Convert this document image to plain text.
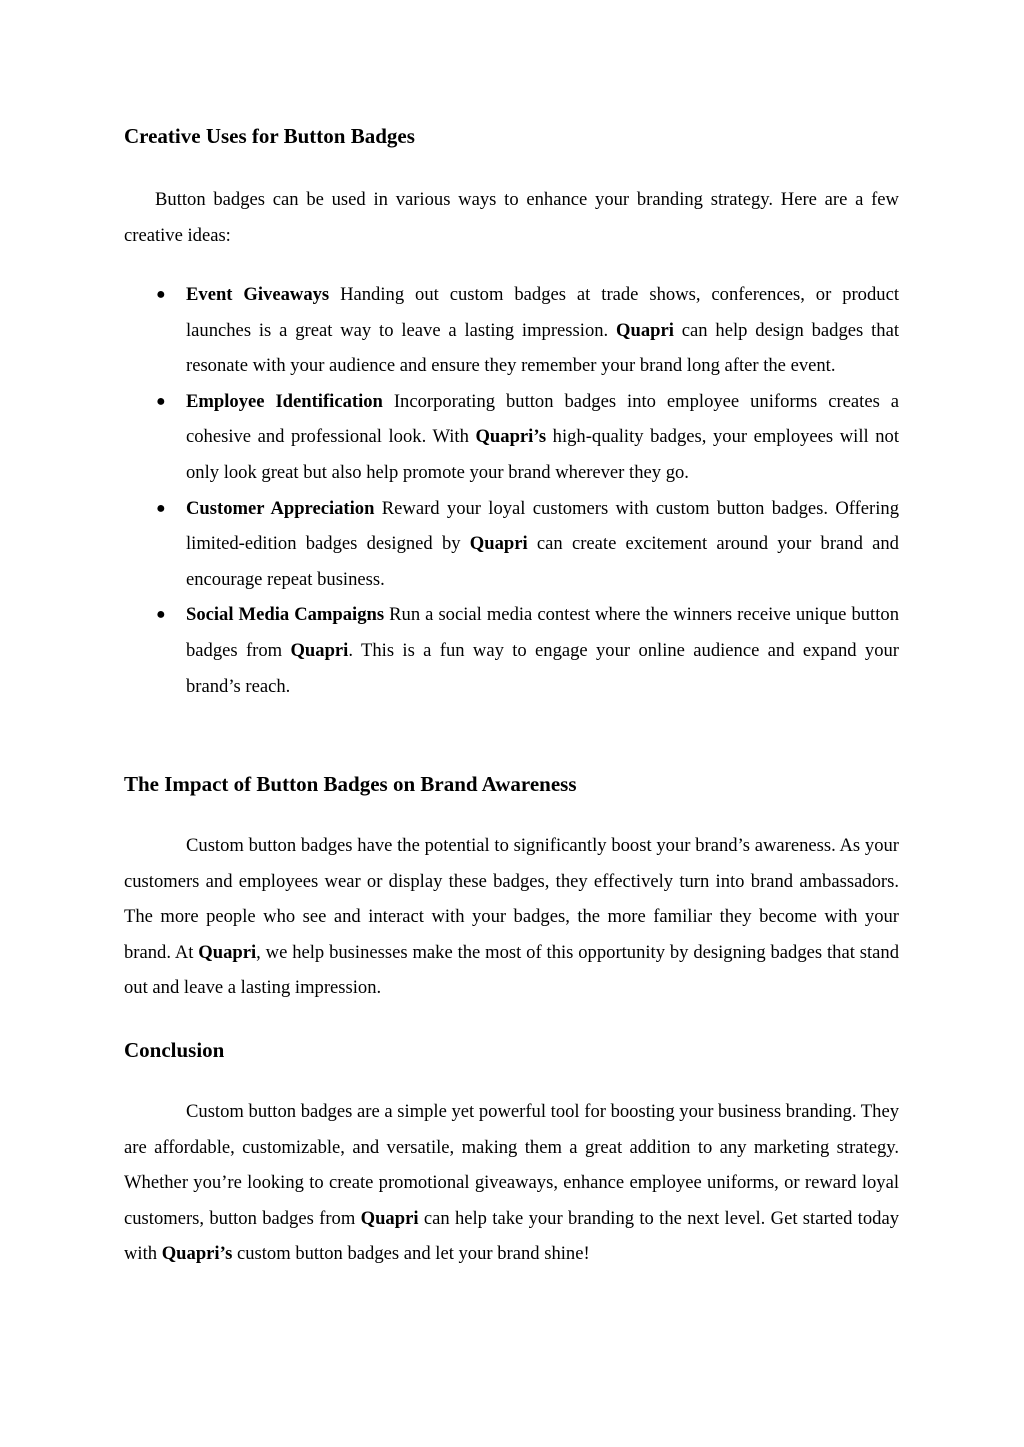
Creative Uses for Button Badges

Button badges can be used in various ways to enhance your branding strategy. Here are a few creative ideas:

● Event Giveaways Handing out custom badges at trade shows, conferences, or product launches is a great way to leave a lasting impression. Quapri can help design badges that resonate with your audience and ensure they remember your brand long after the event.
● Employee Identification Incorporating button badges into employee uniforms creates a cohesive and professional look. With Quapri’s high-quality badges, your employees will not only look great but also help promote your brand wherever they go.
● Customer Appreciation Reward your loyal customers with custom button badges. Offering limited-edition badges designed by Quapri can create excitement around your brand and encourage repeat business.
● Social Media Campaigns Run a social media contest where the winners receive unique button badges from Quapri. This is a fun way to engage your online audience and expand your brand’s reach.
The Impact of Button Badges on Brand Awareness

Custom button badges have the potential to significantly boost your brand’s awareness. As your customers and employees wear or display these badges, they effectively turn into brand ambassadors. The more people who see and interact with your badges, the more familiar they become with your brand. At Quapri, we help businesses make the most of this opportunity by designing badges that stand out and leave a lasting impression.

Conclusion

Custom button badges are a simple yet powerful tool for boosting your business branding. They are affordable, customizable, and versatile, making them a great addition to any marketing strategy. Whether you’re looking to create promotional giveaways, enhance employee uniforms, or reward loyal customers, button badges from Quapri can help take your branding to the next level. Get started today with Quapri’s custom button badges and let your brand shine!
